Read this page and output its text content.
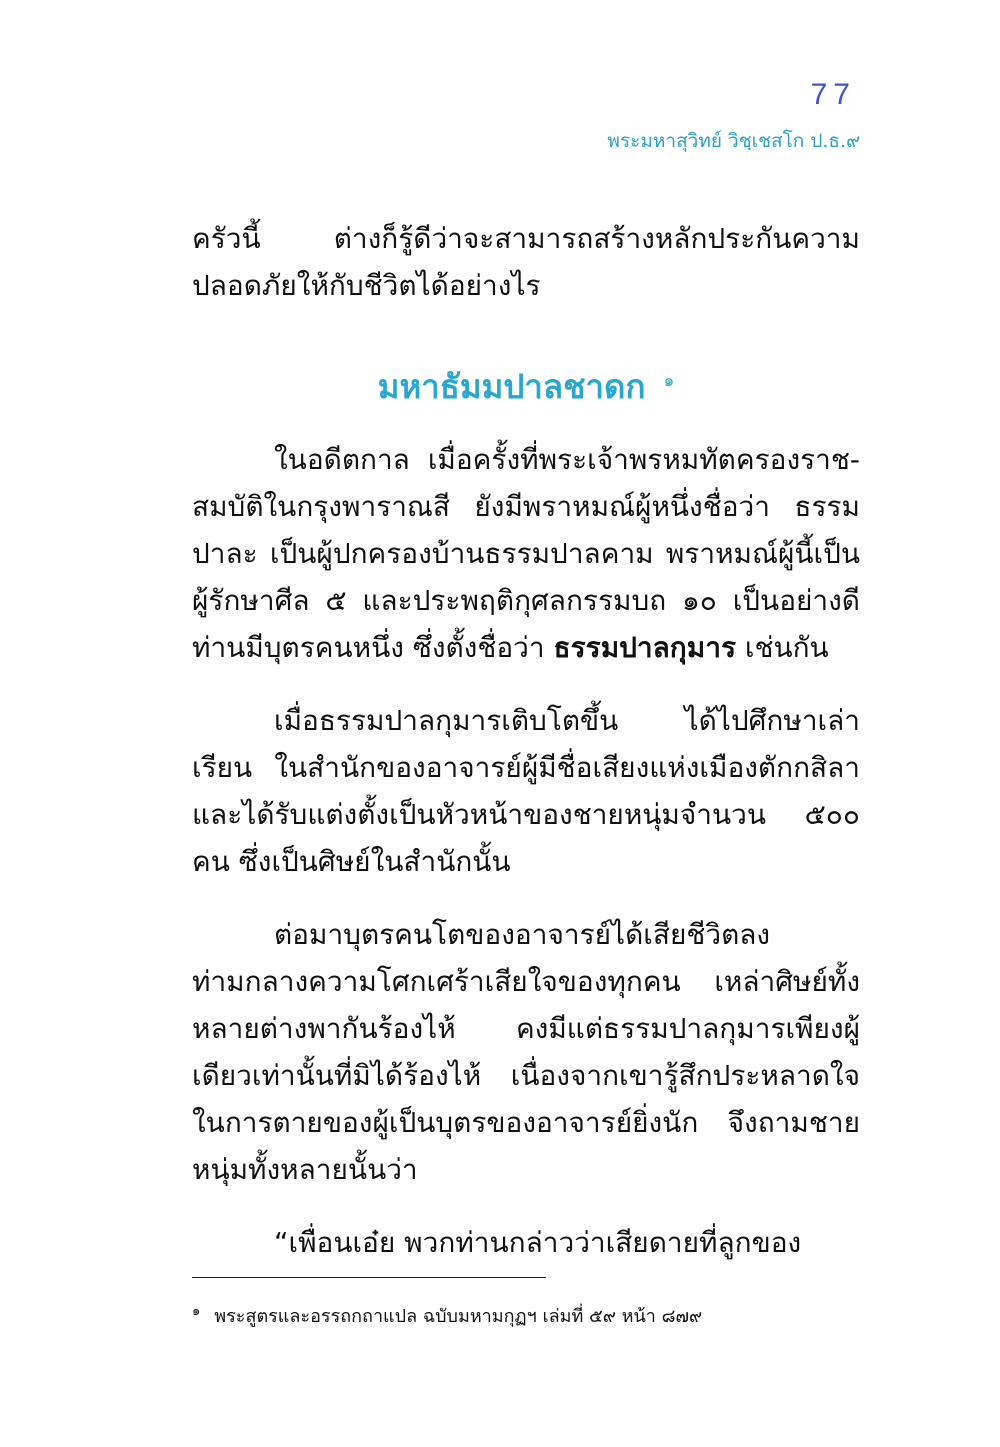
77
พระมหาสุวิทย์ วิชฺเชสโก ป.ธ.๙

ครัวนี้ ต่างก็รู้ดีว่าจะสามารถสร้างหลักประกันความปลอดภัยให้กับชีวิตได้อย่างไร

มหาธัมมปาลชาดก $^๑$

ในอดีตกาล เมื่อครั้งที่พระเจ้าพรหมทัตครองราช-สมบัติในกรุงพาราณสี ยังมีพราหมณ์ผู้หนึ่งชื่อว่า ธรรมปาละ เป็นผู้ปกครองบ้านธรรมปาลคาม พราหมณ์ผู้นี้เป็นผู้รักษาศีล ๕ และประพฤติกุศลกรรมบถ ๑๐ เป็นอย่างดี ท่านมีบุตรคนหนึ่ง ซึ่งตั้งชื่อว่า ธรรมปาลกุมาร เช่นกัน

เมื่อธรรมปาลกุมารเติบโตขึ้น ได้ไปศึกษาเล่าเรียน ในสำนักของอาจารย์ผู้มีชื่อเสียงแห่งเมืองตักกสิลา และได้รับแต่งตั้งเป็นหัวหน้าของชายหนุ่มจำนวน ๕๐๐ คน ซึ่งเป็นศิษย์ในสำนักนั้น

ต่อมาบุตรคนโตของอาจารย์ได้เสียชีวิตลง ท่ามกลางความโศกเศร้าเสียใจของทุกคน เหล่าศิษย์ทั้งหลายต่างพากันร้องไห้ คงมีแต่ธรรมปาลกุมารเพียงผู้เดียวเท่านั้นที่มิได้ร้องไห้ เนื่องจากเขารู้สึกประหลาดใจในการตายของผู้เป็นบุตรของอาจารย์ยิ่งนัก จึงถามชายหนุ่มทั้งหลายนั้นว่า

“เพื่อนเอ๋ย พวกท่านกล่าวว่าเสียดายที่ลูกของ

$^๑$ พระสูตรและอรรถกถาแปล ฉบับมหามกุฏฯ เล่มที่ ๕๙ หน้า ๘๗๙
